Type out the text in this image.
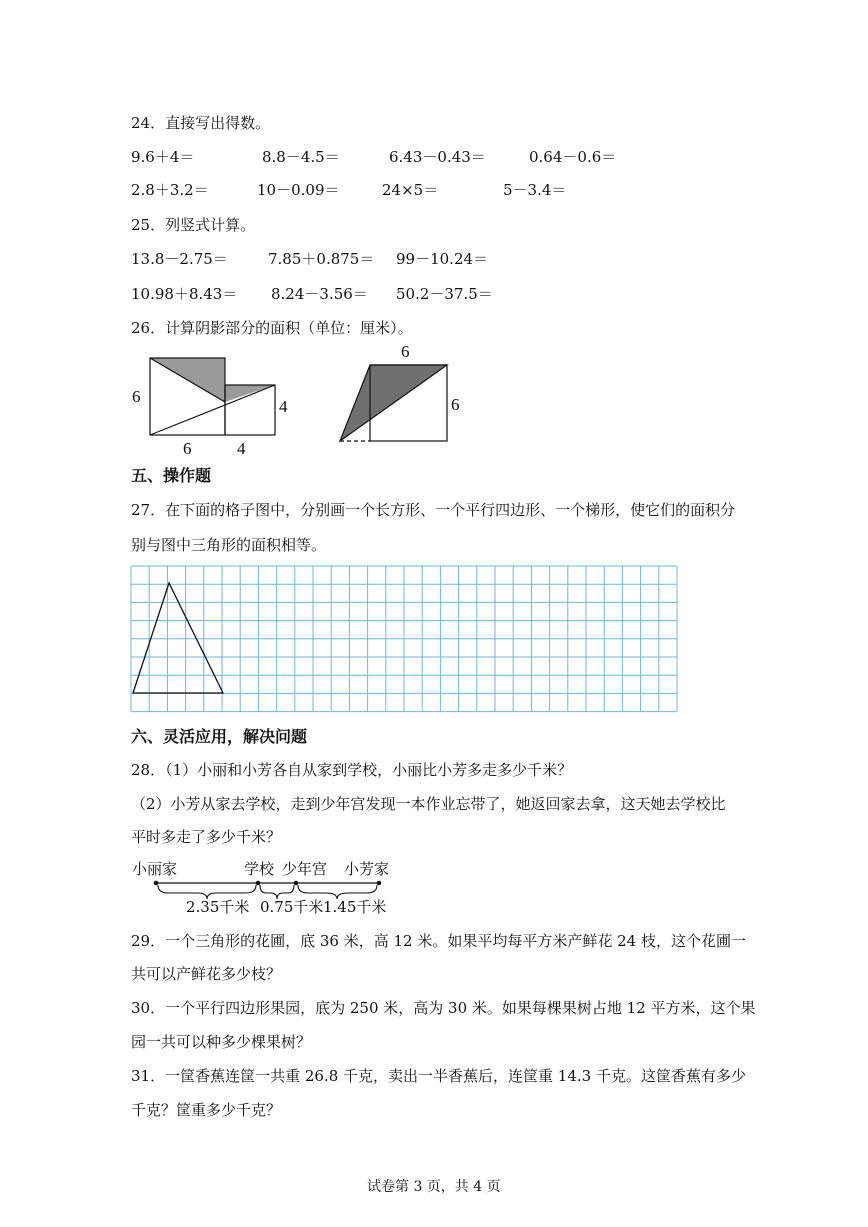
24．直接写出得数。
9.6＋4＝	8.8－4.5＝	6.43－0.43＝	0.64－0.6＝
2.8＋3.2＝	10－0.09＝	24×5＝	5－3.4＝
25．列竖式计算。
13.8－2.75＝	7.85＋0.875＝ 99－10.24＝
10.98＋8.43＝ 8.24－3.56＝ 50.2－37.5＝
26．计算阴影部分的面积（单位：厘米）。
6
4
6	4
6
6
五、操作题
27．在下面的格子图中，分别画一个长方形、一个平行四边形、一个梯形，使它们的面积分
别与图中三角形的面积相等。
六、灵活应用，解决问题
28．（1）小丽和小芳各自从家到学校，小丽比小芳多走多少千米？
（2）小芳从家去学校，走到少年宫发现一本作业忘带了，她返回家去拿，这天她去学校比
平时多走了多少千米？
小丽家	学校 少年宫 小芳家
2.35千米 0.75千米 1.45千米
29．一个三角形的花圃，底 36 米，高 12 米。如果平均每平方米产鲜花 24 枝，这个花圃一
共可以产鲜花多少枝？
30．一个平行四边形果园，底为 250 米，高为 30 米。如果每棵果树占地 12 平方米，这个果
园一共可以种多少棵果树？
31．一筐香蕉连筐一共重 26.8 千克，卖出一半香蕉后，连筐重 14.3 千克。这筐香蕉有多少
千克？筐重多少千克？
试卷第 3 页，共 4 页
